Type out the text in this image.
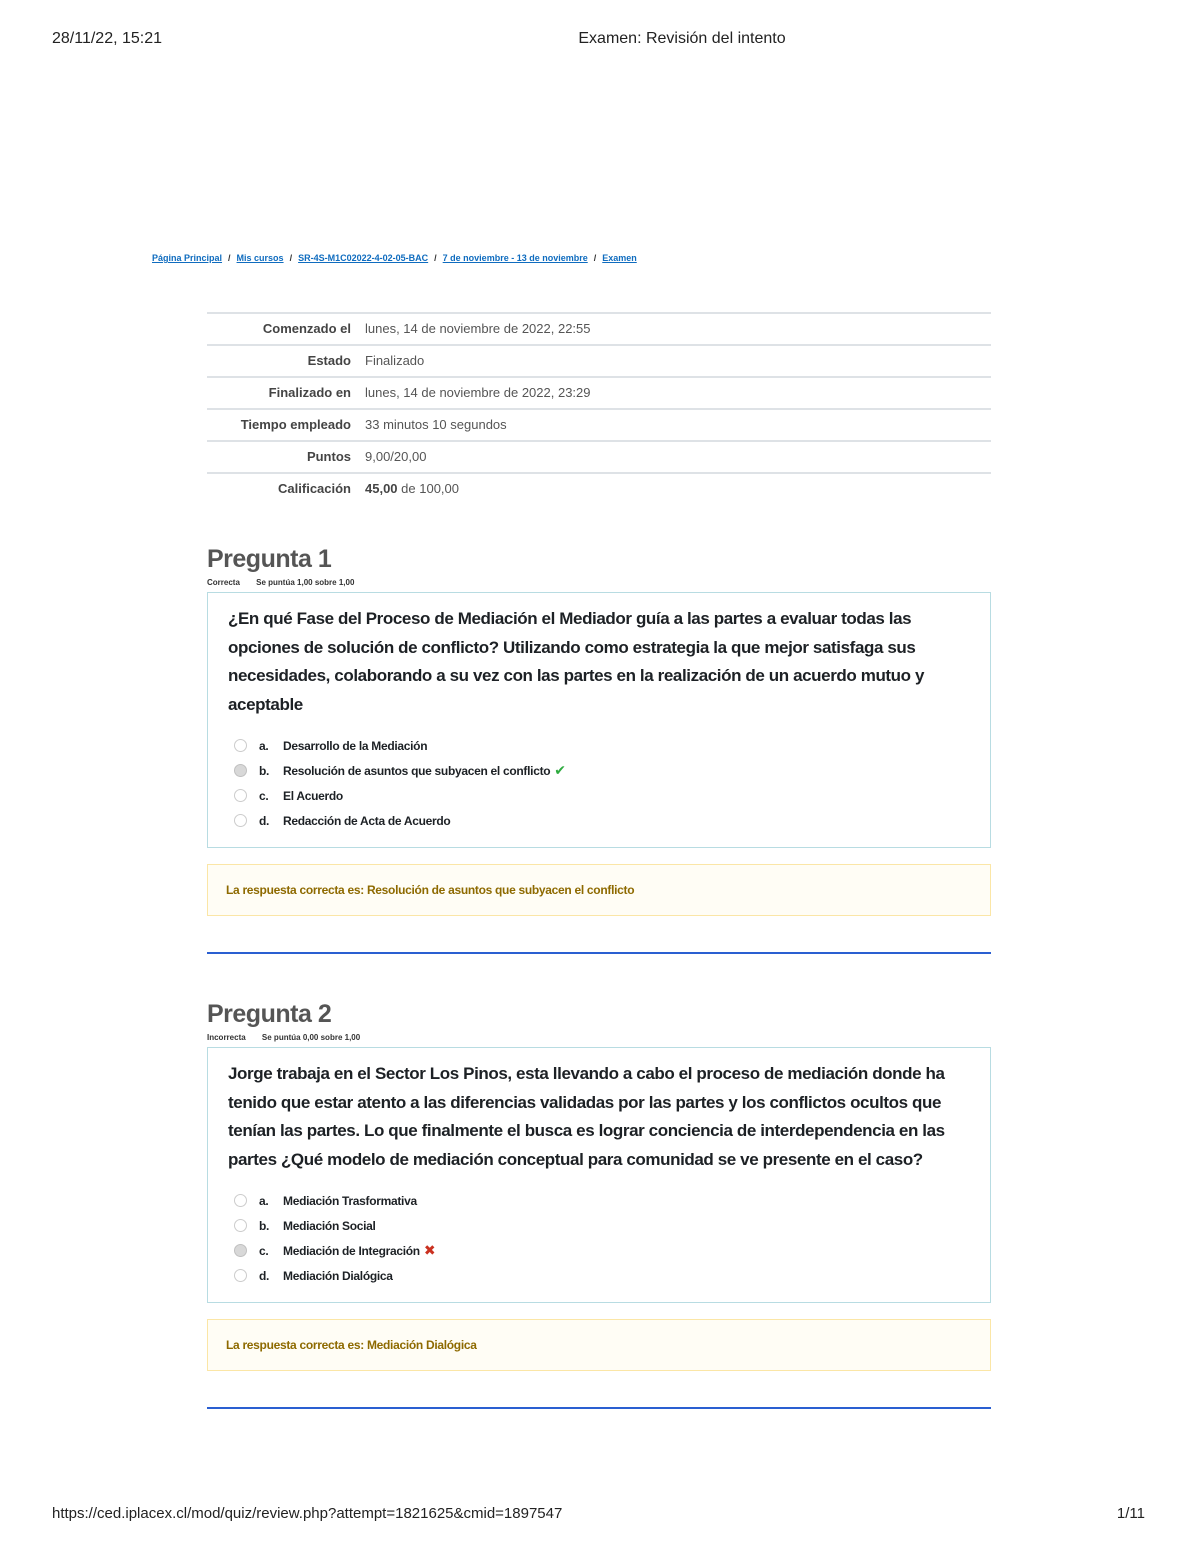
28/11/22, 15:21	Examen: Revisión del intento
Página Principal / Mis cursos / SR-4S-M1C02022-4-02-05-BAC / 7 de noviembre - 13 de noviembre / Examen
Comenzado el	lunes, 14 de noviembre de 2022, 22:55
Estado	Finalizado
Finalizado en	lunes, 14 de noviembre de 2022, 23:29
Tiempo empleado	33 minutos 10 segundos
Puntos	9,00/20,00
Calificación	45,00 de 100,00
Pregunta 1
Correcta Se puntúa 1,00 sobre 1,00
¿En qué Fase del Proceso de Mediación el Mediador guía a las partes a evaluar todas las opciones de solución de conflicto? Utilizando como estrategia la que mejor satisfaga sus necesidades, colaborando a su vez con las partes en la realización de un acuerdo mutuo y aceptable
a.	Desarrollo de la Mediación
b.	Resolución de asuntos que subyacen el conflicto ✔
c.	El Acuerdo
d.	Redacción de Acta de Acuerdo
La respuesta correcta es: Resolución de asuntos que subyacen el conflicto
Pregunta 2
Incorrecta Se puntúa 0,00 sobre 1,00
Jorge trabaja en el Sector Los Pinos, esta llevando a cabo el proceso de mediación donde ha tenido que estar atento a las diferencias validadas por las partes y los conflictos ocultos que tenían las partes. Lo que finalmente el busca es lograr conciencia de interdependencia en las partes ¿Qué modelo de mediación conceptual para comunidad se ve presente en el caso?
a.	Mediación Trasformativa
b.	Mediación Social
c.	Mediación de Integración ✖
d.	Mediación Dialógica
La respuesta correcta es: Mediación Dialógica
https://ced.iplacex.cl/mod/quiz/review.php?attempt=1821625&cmid=1897547	1/11
